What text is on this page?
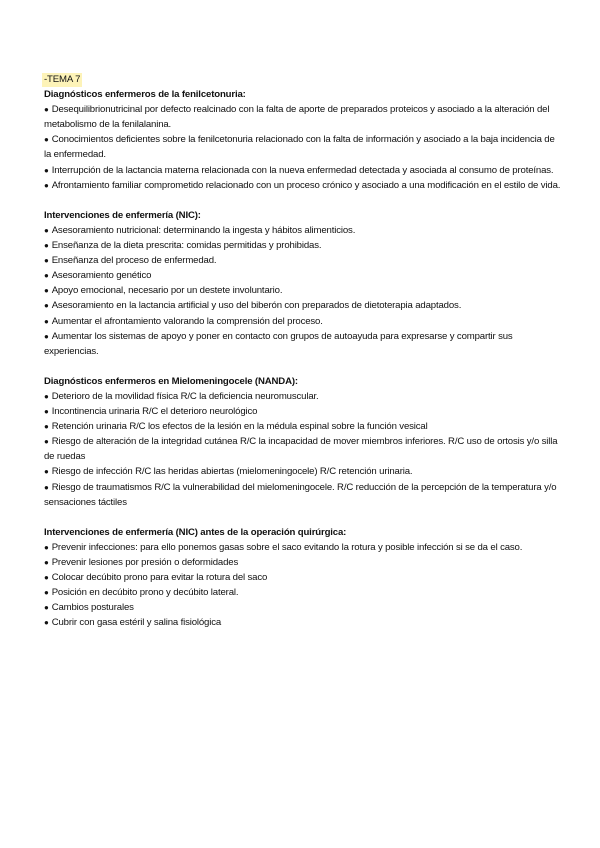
-TEMA 7
Diagnósticos enfermeros de la fenilcetonuria:
● Desequilibrionutricinal por defecto realcinado con la falta de aporte de preparados proteicos y asociado a la alteración del metabolismo de la fenilalanina.
● Conocimientos deficientes sobre la fenilcetonuria relacionado con la falta de información y asociado a la baja incidencia de la enfermedad.
● Interrupción de la lactancia materna relacionada con la nueva enfermedad detectada y asociada al consumo de proteínas.
● Afrontamiento familiar comprometido relacionado con un proceso crónico y asociado a una modificación en el estilo de vida.
Intervenciones de enfermería (NIC):
● Asesoramiento nutricional: determinando la ingesta y hábitos alimenticios.
● Enseñanza de la dieta prescrita: comidas permitidas y prohibidas.
● Enseñanza del proceso de enfermedad.
● Asesoramiento genético
● Apoyo emocional, necesario por un destete involuntario.
● Asesoramiento en la lactancia artificial y uso del biberón con preparados de dietoterapia adaptados.
● Aumentar el afrontamiento valorando la comprensión del proceso.
● Aumentar los sistemas de apoyo y poner en contacto con grupos de autoayuda para expresarse y compartir sus experiencias.
Diagnósticos enfermeros en Mielomeningocele (NANDA):
● Deterioro de la movilidad física R/C la deficiencia neuromuscular.
● Incontinencia urinaria R/C el deterioro neurológico
● Retención urinaria R/C los efectos de la lesión en la médula espinal sobre la función vesical
● Riesgo de alteración de la integridad cutánea R/C la incapacidad de mover miembros inferiores. R/C uso de ortosis y/o silla de ruedas
● Riesgo de infección R/C las heridas abiertas (mielomeningocele) R/C retención urinaria.
● Riesgo de traumatismos R/C la vulnerabilidad del mielomeningocele. R/C reducción de la percepción de la temperatura y/o sensaciones táctiles
Intervenciones de enfermería (NIC) antes de la operación quirúrgica:
● Prevenir infecciones: para ello ponemos gasas sobre el saco evitando la rotura y posible infección si se da el caso.
● Prevenir lesiones por presión o deformidades
● Colocar decúbito prono para evitar la rotura del saco
● Posición en decúbito prono y decúbito lateral.
● Cambios posturales
● Cubrir con gasa estéril y salina fisiológica
